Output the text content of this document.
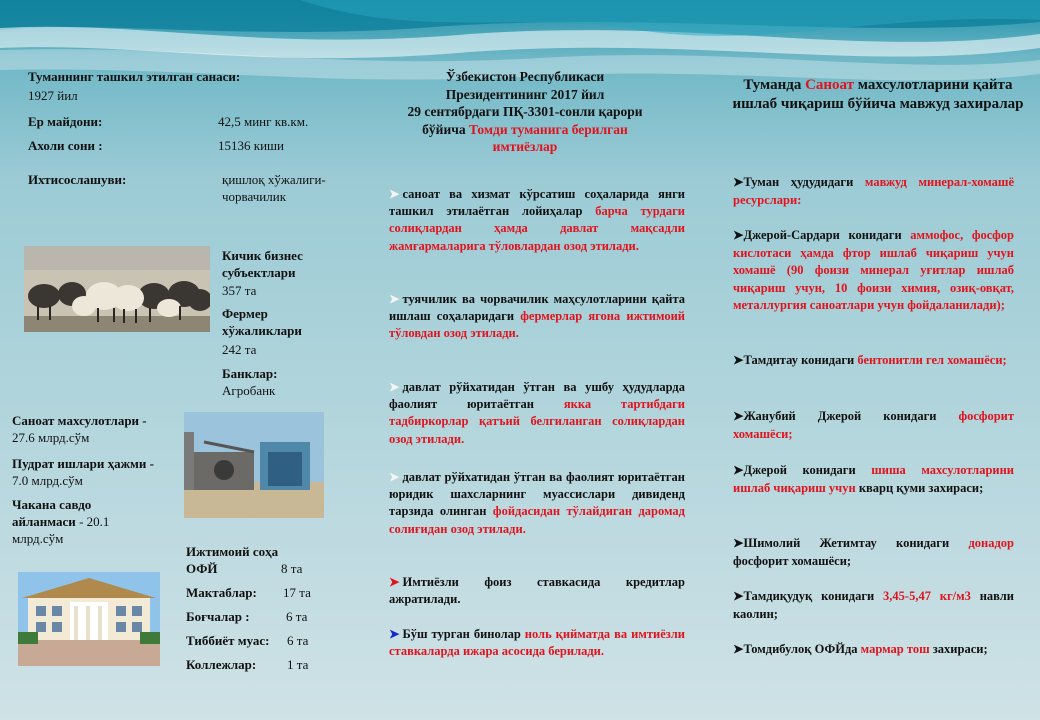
Туманнинг ташкил этилган санаси:
1927 йил
Ер майдони:	42,5 минг кв.км.
Ахоли сони :	15136 киши
Ихтисослашуви:	қишлоқ хўжалиги-чорвачилик
Кичик бизнес субъектлари
357 та
Фермер хўжаликлари
242 та
Банклар:
Агробанк
Саноат махсулотлари -
27.6 млрд.сўм
Пудрат ишлари ҳажми -
7.0 млрд.сўм
Чакана савдо айланмаси - 20.1 млрд.сўм
Ижтимоий соҳа
ОФЙ	8 та
Мактаблар: 17 та
Боғчалар :	6 та
Тиббиёт муас: 6 та
Коллежлар: 1 та
Ўзбекистон Республикаси
Президентининг 2017 йил
29 сентябрдаги ПҚ-3301-сонли қарори
бўйича Томди туманига берилган
имтиёзлар
➤ саноат ва хизмат кўрсатиш соҳаларида янги ташкил этилаётган лойиҳалар барча турдаги солиқлардан ҳамда давлат мақсадли жамғармаларига тўловлардан озод этилади.
➤ туячилик ва чорвачилик маҳсулотларини қайта ишлаш соҳаларидаги фермерлар ягона ижтимоий тўловдан озод этилади.
➤ давлат рўйхатидан ўтган ва ушбу ҳудудларда фаолият юритаётган якка тартибдаги тадбиркорлар қатъий белгиланган солиқлардан озод этилади.
➤ давлат рўйхатидан ўтган ва фаолият юритаётган юридик шахсларнинг муассислари дивиденд тарзида олинган фойдасидан тўлайдиган даромад солиғидан озод этилади.
➤ Имтиёзли фоиз ставкасида кредитлар ажратилади.
➤ Бўш турган бинолар ноль қийматда ва имтиёзли ставкаларда ижара асосида берилади.
Туманда Саноат махсулотларини қайта ишлаб чиқариш бўйича мавжуд захиралар
➤Туман ҳудудидаги мавжуд минерал-хомашё ресурслари:
➤Джерой-Сардари конидаги аммофос, фосфор кислотаси ҳамда фтор ишлаб чиқариш учун хомашё (90 фоизи минерал уғитлар ишлаб чиқариш учун, 10 фоизи химия, озиқ-овқат, металлургия саноатлари учун фойдаланилади);
➤Тамдитау конидаги бентонитли гел хомашёси;
➤Жанубий Джерой конидаги фосфорит хомашёси;
➤Джерой конидаги шиша махсулотларини ишлаб чиқариш учун кварц қуми захираси;
➤Шимолий Жетимтау конидаги донадор фосфорит хомашёси;
➤Тамдиқудуқ конидаги 3,45-5,47 кг/м3 навли каолин;
➤Томдибулоқ ОФЙда мармар тош захираси;
